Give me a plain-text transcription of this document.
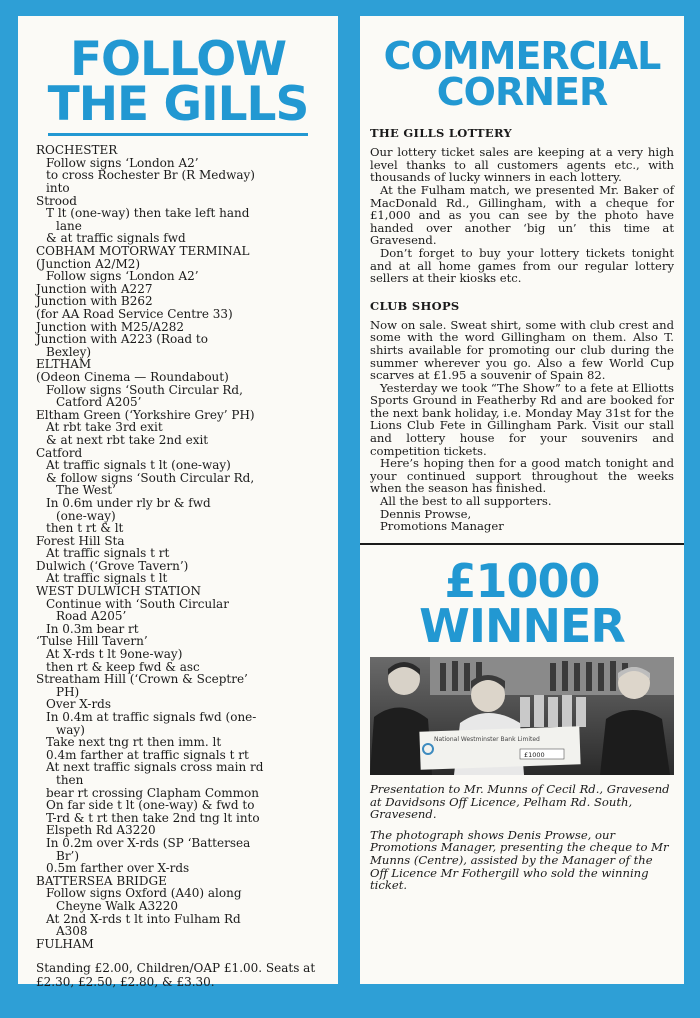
FOLLOW
THE GILLS
ROCHESTER
Follow signs ‘London A2’
to cross Rochester Br (R Medway)
into
Strood
T lt (one-way) then take left hand
lane
& at traffic signals fwd
COBHAM MOTORWAY TERMINAL
(Junction A2/M2)
Follow signs ‘London A2’
Junction with A227
Junction with B262
(for AA Road Service Centre 33)
Junction with M25/A282
Junction with A223 (Road to
Bexley)
ELTHAM
(Odeon Cinema — Roundabout)
Follow signs ‘South Circular Rd,
Catford A205’
Eltham Green (‘Yorkshire Grey’ PH)
At rbt take 3rd exit
& at next rbt take 2nd exit
Catford
At traffic signals t lt (one-way)
& follow signs ‘South Circular Rd,
The West’
In 0.6m under rly br & fwd
(one-way)
then t rt & lt
Forest Hill Sta
At traffic signals t rt
Dulwich (‘Grove Tavern’)
At traffic signals t lt
WEST DULWICH STATION
Continue with ‘South Circular
Road A205’
In 0.3m bear rt
‘Tulse Hill Tavern’
At X-rds t lt 9one-way)
then rt & keep fwd & asc
Streatham Hill (‘Crown & Sceptre’
PH)
Over X-rds
In 0.4m at traffic signals fwd (one-
way)
Take next tng rt then imm. lt
0.4m farther at traffic signals t rt
At next traffic signals cross main rd
then
bear rt crossing Clapham Common
On far side t lt (one-way) & fwd to
T-rd & t rt then take 2nd tng lt into
Elspeth Rd A3220
In 0.2m over X-rds (SP ‘Battersea
Br’)
0.5m farther over X-rds
BATTERSEA BRIDGE
Follow signs Oxford (A40) along
Cheyne Walk A3220
At 2nd X-rds t lt into Fulham Rd
A308
FULHAM
Standing £2.00, Children/OAP £1.00. Seats at £2.30, £2.50, £2.80, & £3.30.
COMMERCIAL
CORNER
THE GILLS LOTTERY

Our lottery ticket sales are keeping at a very high level thanks to all customers agents etc., with thousands of lucky winners in each lottery.

At the Fulham match, we presented Mr. Baker of MacDonald Rd., Gillingham, with a cheque for £1,000 and as you can see by the photo have handed over another ‘big un’ this time at Gravesend.

Don’t forget to buy your lottery tickets tonight and at all home games from our regular lottery sellers at their kiosks etc.

CLUB SHOPS

Now on sale. Sweat shirt, some with club crest and some with the word Gillingham on them. Also T. shirts available for promoting our club during the summer wherever you go. Also a few World Cup scarves at £1.95 a souvenir of Spain 82.

Yesterday we took “The Show” to a fete at Elliotts Sports Ground in Featherby Rd and are booked for the next bank holiday, i.e. Monday May 31st for the Lions Club Fete in Gillingham Park. Visit our stall and lottery house for your souvenirs and competition tickets.

Here’s hoping then for a good match tonight and your continued support throughout the weeks when the season has finished.

All the best to all supporters.
Dennis Prowse,
Promotions Manager
£1000
WINNER
National Westminster Bank Limited
£1000

Presentation to Mr. Munns of Cecil Rd., Gravesend at Davidsons Off Licence, Pelham Rd. South, Gravesend.

The photograph shows Denis Prowse, our Promotions Manager, presenting the cheque to Mr Munns (Centre), assisted by the Manager of the Off Licence Mr Fothergill who sold the winning ticket.
